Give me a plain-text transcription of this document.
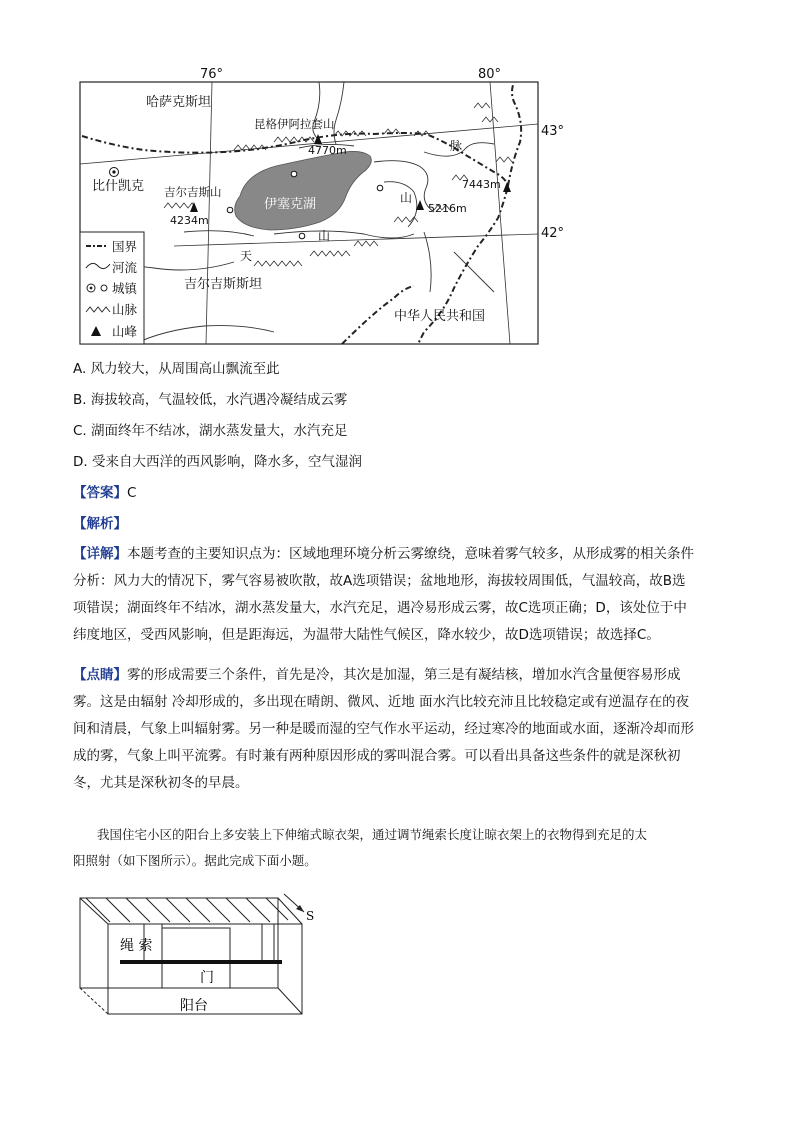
76°	80°
伊塞克湖
哈萨克斯坦
吉尔吉斯斯坦
中华人民共和国
昆格伊阿拉套山
吉尔吉斯山
天
山
山
脉
4770m
4234m
5216m
7443m
比什凯克
国界
河流
城镇
山脉
山峰
43°
42°
A. 风力较大，从周围高山飘流至此
B. 海拔较高，气温较低，水汽遇冷凝结成云雾
C. 湖面终年不结冰，湖水蒸发量大，水汽充足
D. 受来自大西洋的西风影响，降水多，空气湿润
【答案】C
【解析】

【详解】本题考查的主要知识点为：区域地理环境分析云雾缭绕，意味着雾气较多，从形成雾的相关条件

分析：风力大的情况下，雾气容易被吹散，故A选项错误；盆地地形，海拔较周围低，气温较高，故B选

项错误；湖面终年不结冰，湖水蒸发量大，水汽充足，遇冷易形成云雾，故C选项正确；D，该处位于中

纬度地区，受西风影响，但是距海远，为温带大陆性气候区，降水较少，故D选项错误；故选择C。

【点睛】雾的形成需要三个条件，首先是冷，其次是加湿，第三是有凝结核，增加水汽含量便容易形成

雾。这是由辐射 冷却形成的，多出现在晴朗、微风、近地 面水汽比较充沛且比较稳定或有逆温存在的夜

间和清晨，气象上叫辐射雾。另一种是暖而湿的空气作水平运动，经过寒冷的地面或水面，逐渐冷却而形

成的雾，气象上叫平流雾。有时兼有两种原因形成的雾叫混合雾。可以看出具备这些条件的就是深秋初

冬，尤其是深秋初冬的早晨。

我国住宅小区的阳台上多安装上下伸缩式晾衣架，通过调节绳索长度让晾衣架上的衣物得到充足的太
阳照射（如下图所示）。据此完成下面小题。
S
绳 索
门
阳台
